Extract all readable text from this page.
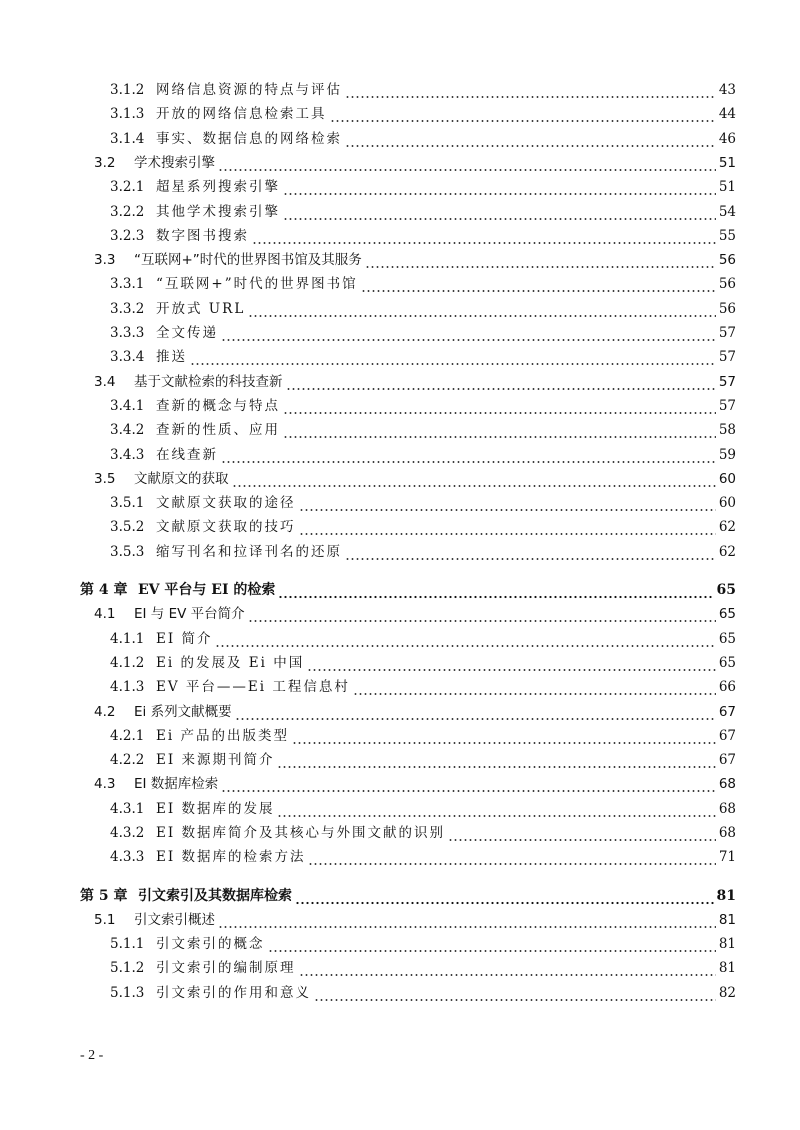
3.1.2 网络信息资源的特点与评估	43
3.1.3 开放的网络信息检索工具	44
3.1.4 事实、数据信息的网络检索	46
3.2	学术搜索引擎	51
3.2.1 超星系列搜索引擎	51
3.2.2 其他学术搜索引擎	54
3.2.3 数字图书搜索	55
3.3	“互联网+”时代的世界图书馆及其服务	56
3.3.1 “互联网+”时代的世界图书馆	56
3.3.2 开放式 URL	56
3.3.3 全文传递	57
3.3.4 推送	57
3.4	基于文献检索的科技查新	57
3.4.1 查新的概念与特点	57
3.4.2 查新的性质、应用	58
3.4.3 在线查新	59
3.5	文献原文的获取	60
3.5.1 文献原文获取的途径	60
3.5.2 文献原文获取的技巧	62
3.5.3 缩写刊名和拉译刊名的还原	62
第 4 章 EV 平台与 EI 的检索	65
4.1	EI 与 EV 平台简介	65
4.1.1 EI 简介	65
4.1.2 Ei 的发展及 Ei 中国	65
4.1.3 EV 平台——Ei 工程信息村	66
4.2	Ei 系列文献概要	67
4.2.1 Ei 产品的出版类型	67
4.2.2 EI 来源期刊简介	67
4.3	EI 数据库检索	68
4.3.1 EI 数据库的发展	68
4.3.2 EI 数据库简介及其核心与外围文献的识别	68
4.3.3 EI 数据库的检索方法	71
第 5 章 引文索引及其数据库检索	81
5.1	引文索引概述	81
5.1.1 引文索引的概念	81
5.1.2 引文索引的编制原理	81
5.1.3 引文索引的作用和意义	82
- 2 -
